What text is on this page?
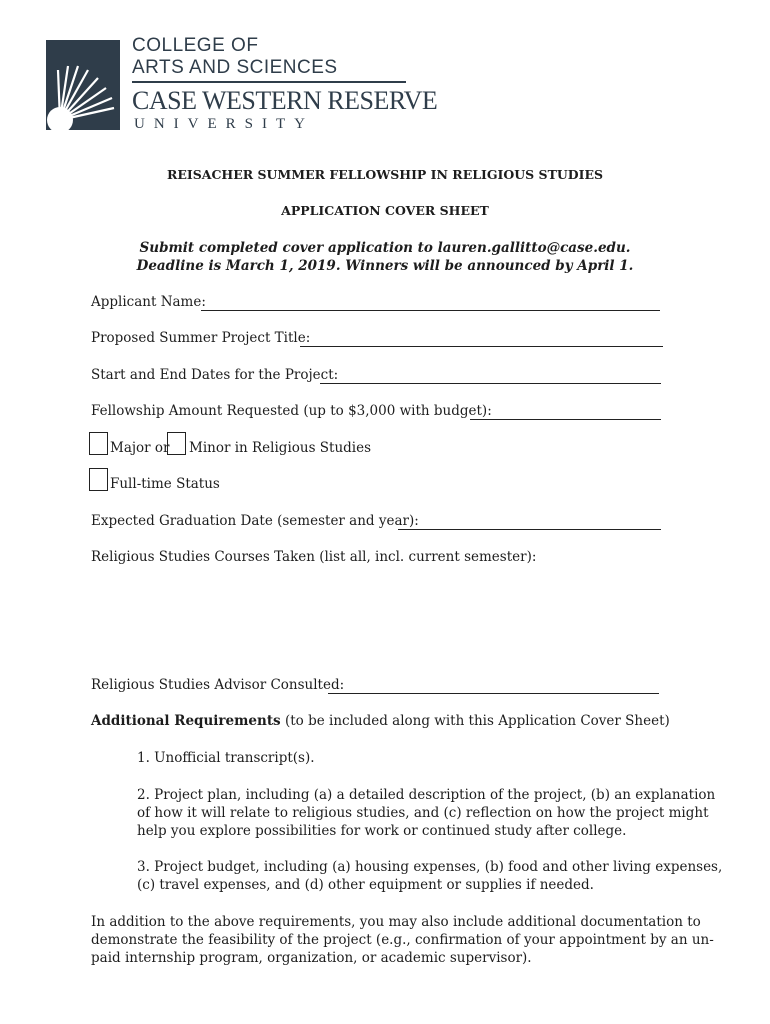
COLLEGE OF
ARTS AND SCIENCES
CASE WESTERN RESERVE
UNIVERSITY
REISACHER SUMMER FELLOWSHIP IN RELIGIOUS STUDIES
APPLICATION COVER SHEET
Submit completed cover application to lauren.gallitto@case.edu.
Deadline is March 1, 2019. Winners will be announced by April 1.
Applicant Name:
Proposed Summer Project Title:
Start and End Dates for the Project:
Fellowship Amount Requested (up to $3,000 with budget):
Major or Minor in Religious Studies
Full-time Status
Expected Graduation Date (semester and year):
Religious Studies Courses Taken (list all, incl. current semester):
Religious Studies Advisor Consulted:
Additional Requirements (to be included along with this Application Cover Sheet)

1. Unofficial transcript(s).

2. Project plan, including (a) a detailed description of the project, (b) an explanation

of how it will relate to religious studies, and (c) reflection on how the project might

help you explore possibilities for work or continued study after college.

3. Project budget, including (a) housing expenses, (b) food and other living expenses,

(c) travel expenses, and (d) other equipment or supplies if needed.

In addition to the above requirements, you may also include additional documentation to

demonstrate the feasibility of the project (e.g., confirmation of your appointment by an un-

paid internship program, organization, or academic supervisor).
